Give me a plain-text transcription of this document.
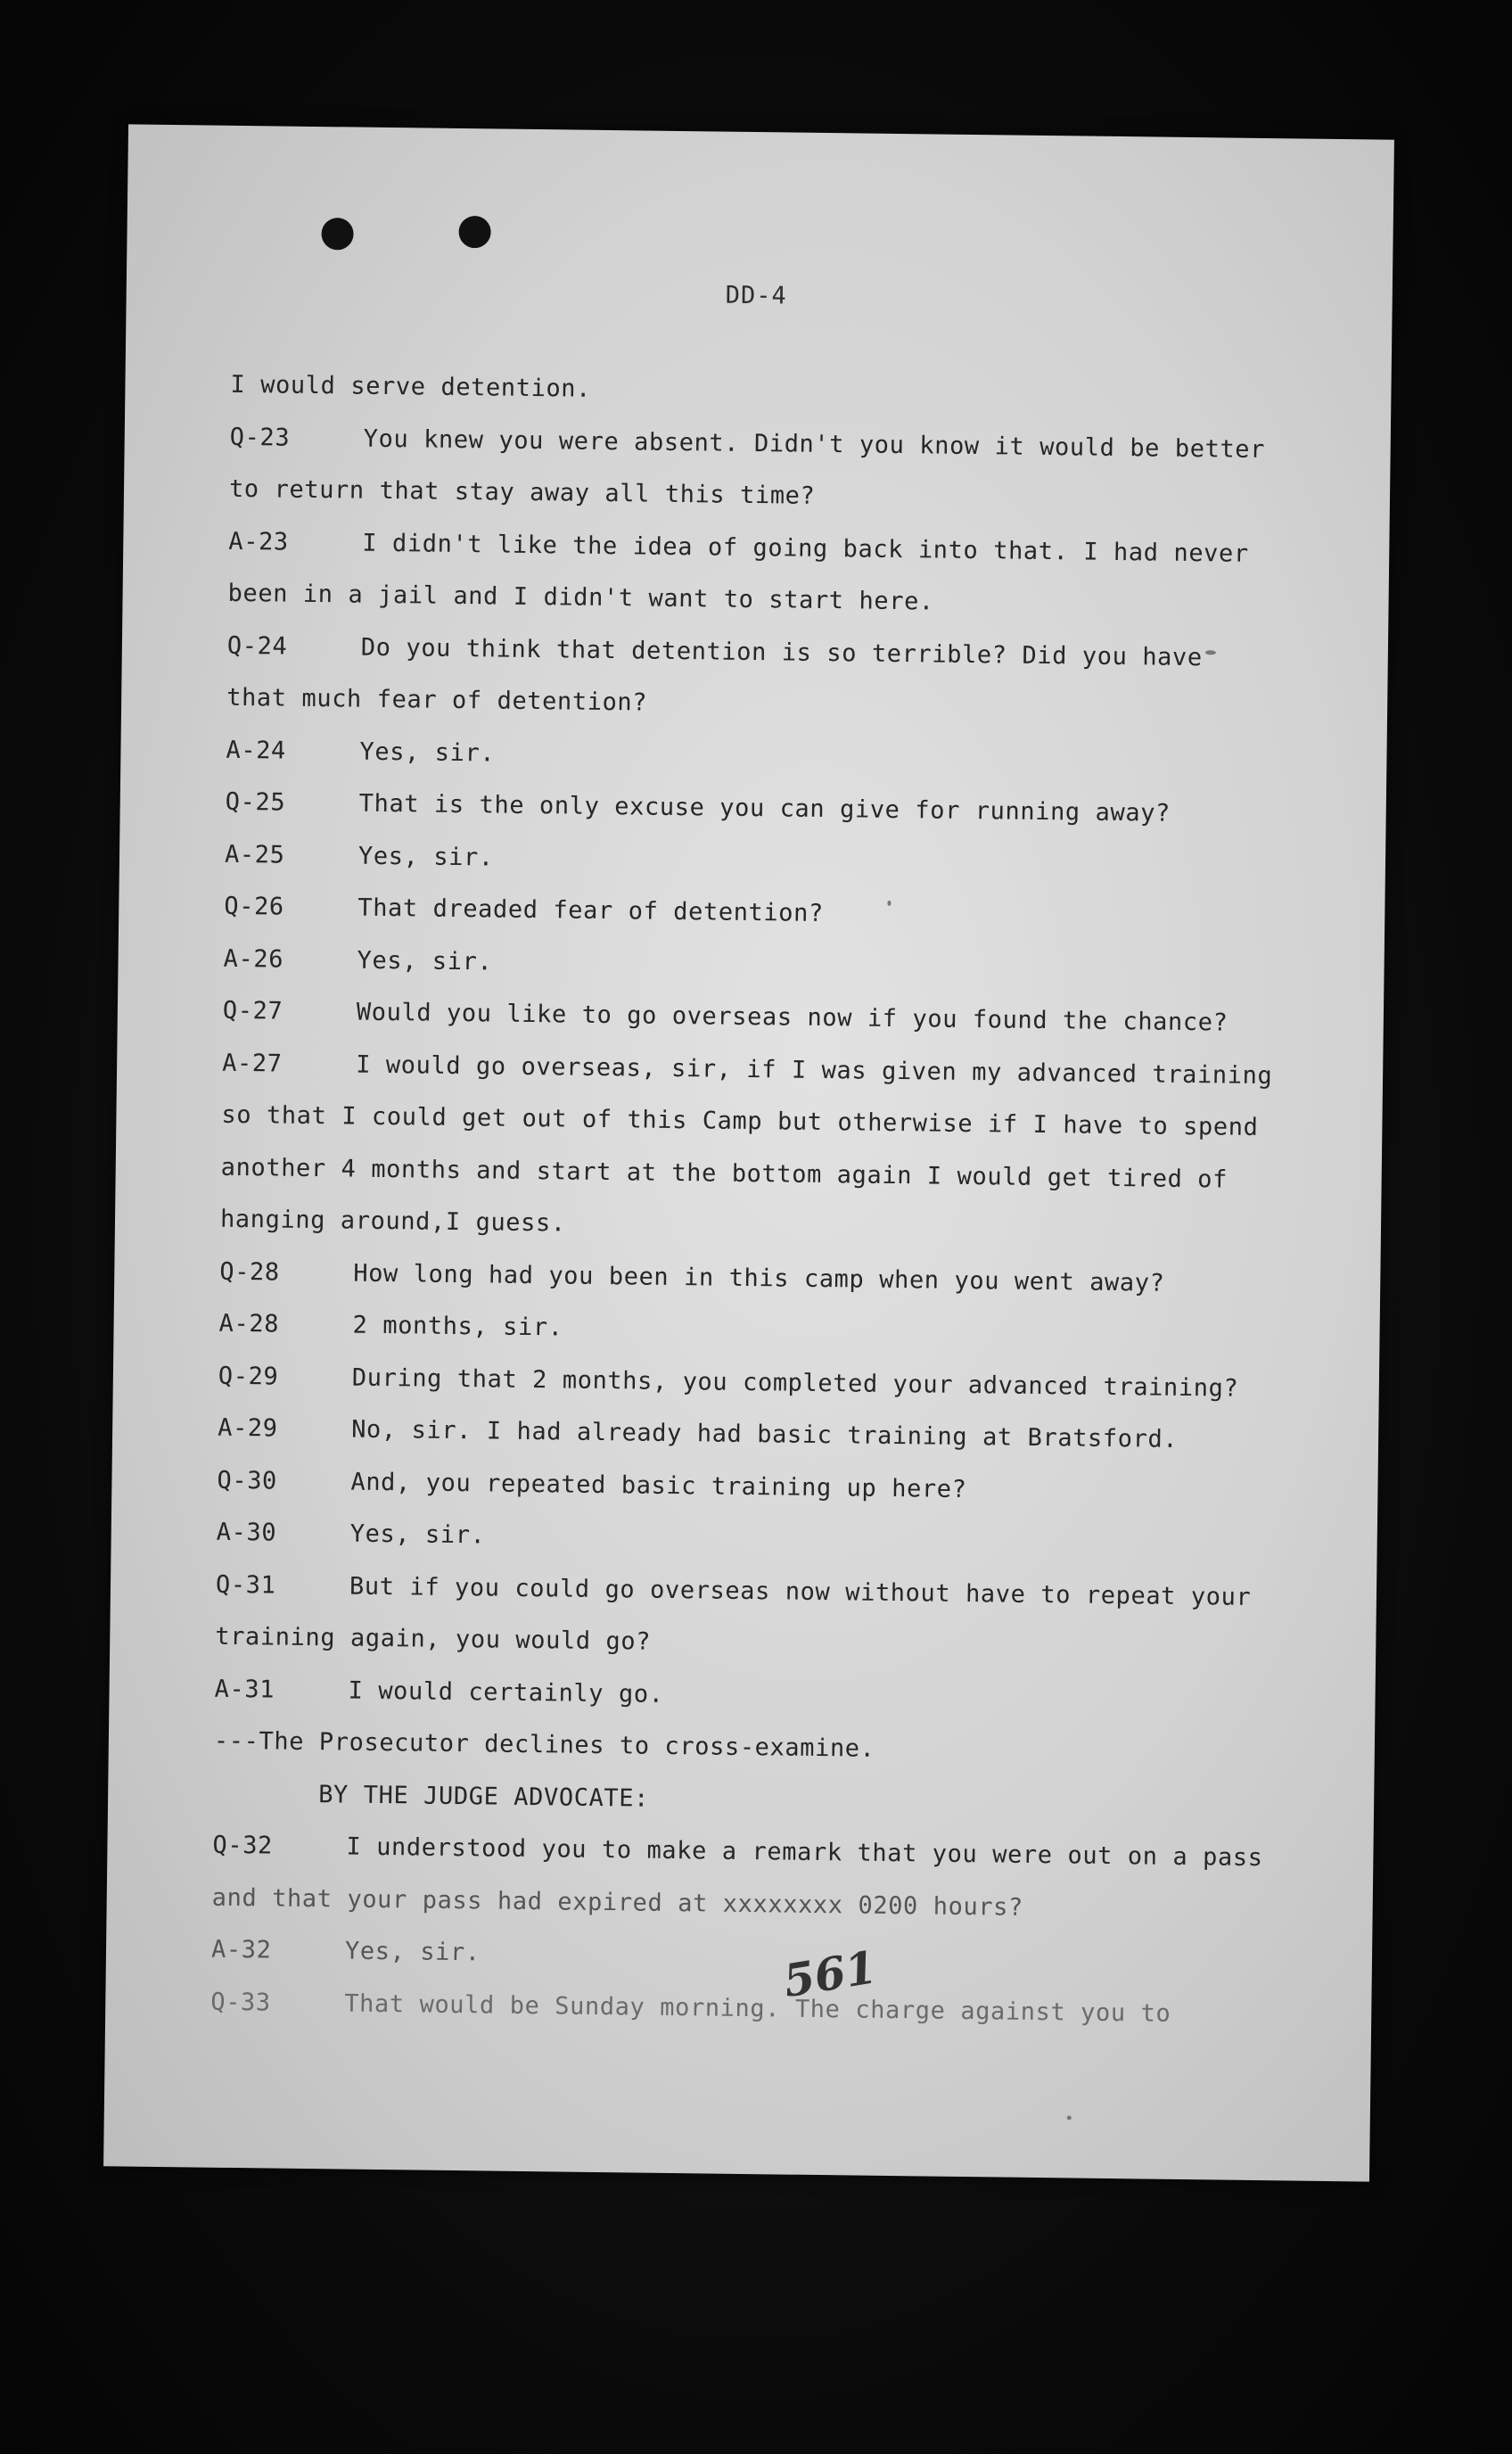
DD-4
I would serve detention.
Q-23	You knew you were absent. Didn't you know it would be better
to return that stay away all this time?
A-23	I didn't like the idea of going back into that. I had never
been in a jail and I didn't want to start here.
Q-24	Do you think that detention is so terrible? Did you have
that much fear of detention?
A-24	Yes, sir.
Q-25	That is the only excuse you can give for running away?
A-25	Yes, sir.
Q-26	That dreaded fear of detention?
A-26	Yes, sir.
Q-27	Would you like to go overseas now if you found the chance?
A-27	I would go overseas, sir, if I was given my advanced training
so that I could get out of this Camp but otherwise if I have to spend
another 4 months and start at the bottom again I would get tired of
hanging around,I guess.
Q-28	How long had you been in this camp when you went away?
A-28	2 months, sir.
Q-29	During that 2 months, you completed your advanced training?
A-29	No, sir. I had already had basic training at Bratsford.
Q-30	And, you repeated basic training up here?
A-30	Yes, sir.
Q-31	But if you could go overseas now without have to repeat your
training again, you would go?
A-31	I would certainly go.
---The Prosecutor declines to cross-examine.
BY THE JUDGE ADVOCATE:
Q-32	I understood you to make a remark that you were out on a pass
and that your pass had expired at xxxxxxxx 0200 hours?
A-32	Yes, sir.
Q-33	That would be Sunday morning. The charge against you to
561
